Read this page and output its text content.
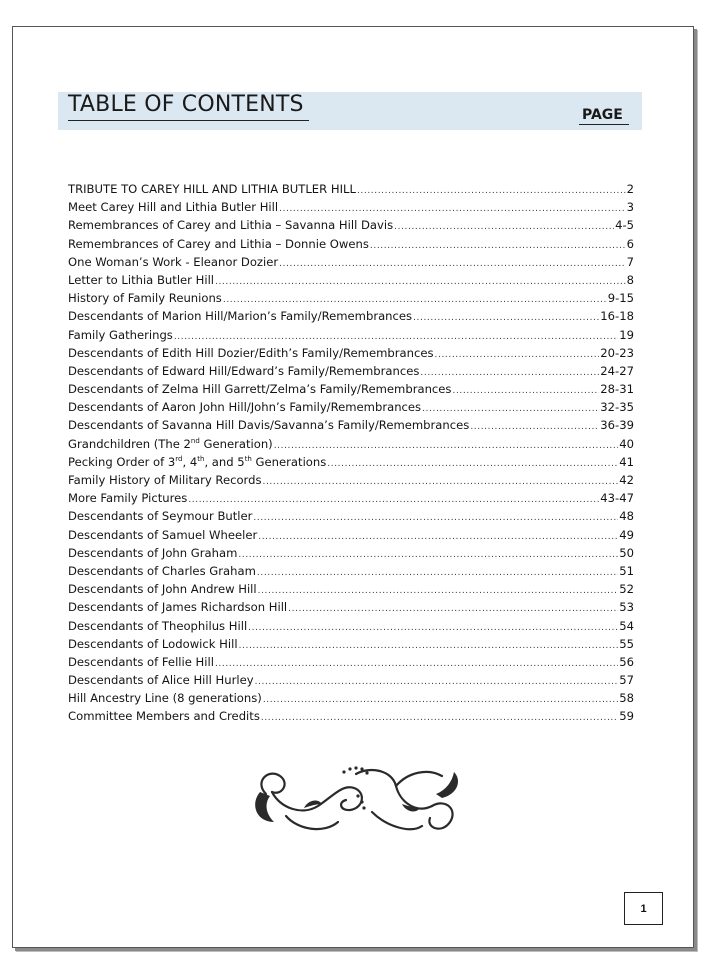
TABLE OF CONTENTS	PAGE
TRIBUTE TO CAREY HILL AND LITHIA BUTLER HILL .....	2
Meet Carey Hill and Lithia Butler Hill .....	3
Remembrances of Carey and Lithia – Savanna Hill Davis .....	4-5
Remembrances of Carey and Lithia – Donnie Owens .....	6
One Woman’s Work - Eleanor Dozier .....	7
Letter to Lithia Butler Hill .....	8
History of Family Reunions .....	9-15
Descendants of Marion Hill/Marion’s Family/Remembrances .....	16-18
Family Gatherings .....	19
Descendants of Edith Hill Dozier/Edith’s Family/Remembrances .....	20-23
Descendants of Edward Hill/Edward’s Family/Remembrances .....	24-27
Descendants of Zelma Hill Garrett/Zelma’s Family/Remembrances .....	28-31
Descendants of Aaron John Hill/John’s Family/Remembrances .....	32-35
Descendants of Savanna Hill Davis/Savanna’s Family/Remembrances .....	36-39
Grandchildren (The 2nd Generation) .....	40
Pecking Order of 3rd, 4th, and 5th Generations .....	41
Family History of Military Records .....	42
More Family Pictures .....	43-47
Descendants of Seymour Butler .....	48
Descendants of Samuel Wheeler .....	49
Descendants of John Graham .....	50
Descendants of Charles Graham .....	51
Descendants of John Andrew Hill .....	52
Descendants of James Richardson Hill .....	53
Descendants of Theophilus Hill .....	54
Descendants of Lodowick Hill .....	55
Descendants of Fellie Hill .....	56
Descendants of Alice Hill Hurley .....	57
Hill Ancestry Line (8 generations) .....	58
Committee Members and Credits .....	59
1
